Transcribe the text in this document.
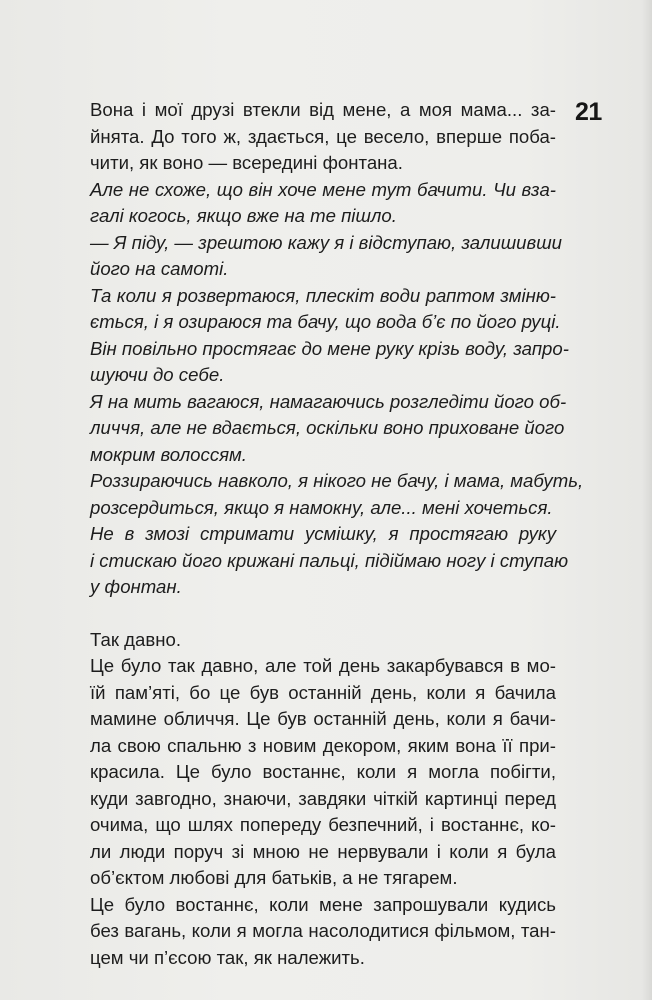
21

Вона і мої друзі втекли від мене, а моя мама... за-
йнята. До того ж, здається, це весело, вперше поба-
чити, як воно — всередині фонтана.

Але не схоже, що він хоче мене тут бачити. Чи взa-
галі когось, якщо вже на те пішло.

— Я піду, — зрештою кажу я і відступаю, залишивши
його на самоті.

Та коли я розвертаюся, плескіт води раптом зміню-
ється, і я озираюся та бачу, що вода б’є по його руці.

Він повільно простягає до мене руку крізь воду, запро-
шуючи до себе.

Я на мить вагаюся, намагаючись розгледіти його об-
личчя, але не вдається, оскільки воно приховане його
мокрим волоссям.

Роззираючись навколо, я нікого не бачу, і мама, мабуть,
розсердиться, якщо я намокну, але... мені хочеться.

Не в змозі стримати усмішку, я простягаю руку
і стискаю його крижані пальці, підіймаю ногу і ступаю
у фонтан.

Так давно.

Це було так давно, але той день закарбувався в мо-
їй пам’яті, бо це був останній день, коли я бачила
мамине обличчя. Це був останній день, коли я бачи-
ла свою спальню з новим декором, яким вона її при-
красила. Це було востаннє, коли я могла побігти,
куди завгодно, знаючи, завдяки чіткій картинці перед
очима, що шлях попереду безпечний, і востаннє, ко-
ли люди поруч зі мною не нервували і коли я була
об’єктом любові для батьків, а не тягарем.

Це було востаннє, коли мене запрошували кудись
без вагань, коли я могла насолодитися фільмом, тан-
цем чи п’єсою так, як належить.
